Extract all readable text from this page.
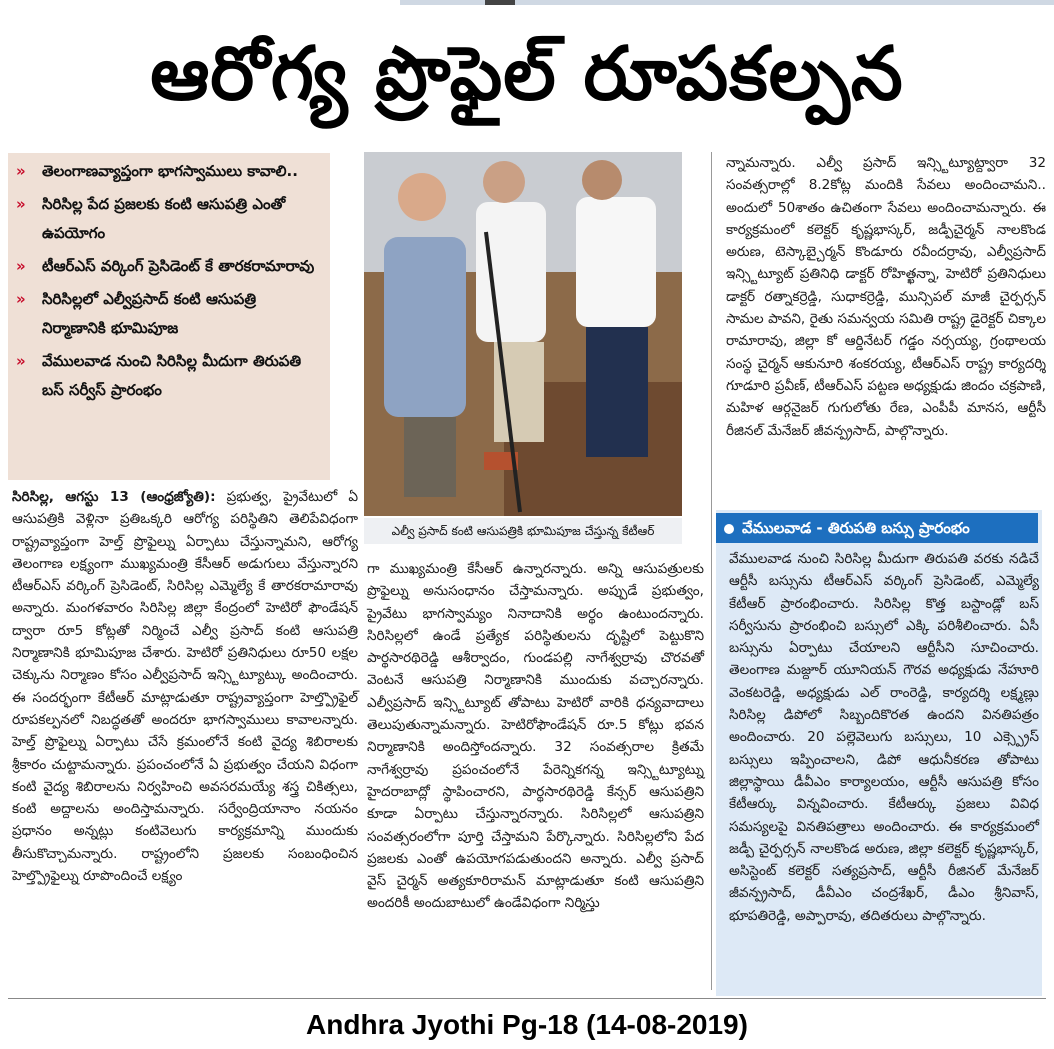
ఆరోగ్య ప్రొఫైల్ రూపకల్పన
»	తెలంగాణవ్యాప్తంగా భాగస్వాములు కావాలి..
»	సిరిసిల్ల పేద ప్రజలకు కంటి ఆసుపత్రి ఎంతో ఉపయోగం
»	టీఆర్ఎస్ వర్కింగ్ ప్రెసిడెంట్ కే తారకరామారావు
»	సిరిసిల్లలో ఎల్వీప్రసాద్ కంటి ఆసుపత్రి నిర్మాణానికి భూమిపూజ
»	వేములవాడ నుంచి సిరిసిల్ల మీదుగా తిరుపతి బస్ సర్వీస్ ప్రారంభం
సిరిసిల్ల, ఆగస్టు 13 (ఆంధ్రజ్యోతి): ప్రభుత్వ, ప్రైవేటులో ఏ ఆసుపత్రికి వెళ్లినా ప్రతిఒక్కరి ఆరోగ్య పరిస్థితిని తెలిపేవిధంగా రాష్ట్రవ్యాప్తంగా హెల్త్ ప్రొఫైల్ను ఏర్పాటు చేస్తున్నామని, ఆరోగ్య తెలంగాణ లక్ష్యంగా ముఖ్యమంత్రి కేసీఆర్ అడుగులు వేస్తున్నారని టీఆర్ఎస్ వర్కింగ్ ప్రెసిడెంట్, సిరిసిల్ల ఎమ్మెల్యే కే తారకరామారావు అన్నారు. మంగళవారం సిరిసిల్ల జిల్లా కేంద్రంలో హెటిరో ఫౌండేషన్ ద్వారా రూ5 కోట్లతో నిర్మించే ఎల్వీ ప్రసాద్ కంటి ఆసుపత్రి నిర్మాణానికి భూమిపూజ చేశారు. హెటిరో ప్రతినిధులు రూ50 లక్షల చెక్కును నిర్మాణం కోసం ఎల్వీప్రసాద్ ఇన్స్టిట్యూట్కు అందించారు. ఈ సందర్భంగా కేటీఆర్ మాట్లాడుతూ రాష్ట్రవ్యాప్తంగా హెల్త్ప్రొఫైల్ రూపకల్పనలో నిబద్ధతతో అందరూ భాగస్వాములు కావాలన్నారు. హెల్త్ ప్రొఫైల్ను ఏర్పాటు చేసే క్రమంలోనే కంటి వైద్య శిబిరాలకు శ్రీకారం చుట్టామన్నారు. ప్రపంచంలోనే ఏ ప్రభుత్వం చేయని విధంగా కంటి వైద్య శిబిరాలను నిర్వహించి అవసరమయ్యే శస్త్ర చికిత్సలు, కంటి అద్దాలను అందిస్తామన్నారు. సర్వేంద్రియానాం నయనం ప్రధానం అన్నట్లు కంటివెలుగు కార్యక్రమాన్ని ముందుకు తీసుకొచ్చామన్నారు. రాష్ట్రంలోని ప్రజలకు సంబంధించిన హెల్త్ప్రొఫైల్ను రూపొందించే లక్ష్యం
ఎల్వీ ప్రసాద్ కంటి ఆసుపత్రికి భూమిపూజ చేస్తున్న కేటీఆర్
గా ముఖ్యమంత్రి కేసీఆర్ ఉన్నారన్నారు. అన్ని ఆసుపత్రులకు ప్రొఫైల్ను అనుసంధానం చేస్తామన్నారు. అప్పుడే ప్రభుత్వం, ప్రైవేటు భాగస్వామ్యం నినాదానికి అర్థం ఉంటుందన్నారు. సిరిసిల్లలో ఉండే ప్రత్యేక పరిస్థితులను దృష్టిలో పెట్టుకొని పార్థసారథిరెడ్డి ఆశీర్వాదం, గుండపల్లి నాగేశ్వర్రావు చొరవతో వెంటనే ఆసుపత్రి నిర్మాణానికి ముందుకు వచ్చారన్నారు. ఎల్వీప్రసాద్ ఇన్స్టిట్యూట్ తోపాటు హెటిరో వారికి ధన్యవాదాలు తెలుపుతున్నామన్నారు. హెటిరోఫౌండేషన్ రూ.5 కోట్లు భవన నిర్మాణానికి అందిస్తోందన్నారు. 32 సంవత్సరాల క్రితమే నాగేశ్వర్రావు ప్రపంచంలోనే పేరెన్నికగన్న ఇన్స్టిట్యూట్ను హైదరాబాద్లో స్థాపించారని, పార్థసారథిరెడ్డి కేన్సర్ ఆసుపత్రిని కూడా ఏర్పాటు చేస్తున్నారన్నారు. సిరిసిల్లలో ఆసుపత్రిని సంవత్సరంలోగా పూర్తి చేస్తామని పేర్కొన్నారు. సిరిసిల్లలోని పేద ప్రజలకు ఎంతో ఉపయోగపడుతుందని అన్నారు. ఎల్వీ ప్రసాద్ వైస్ చైర్మన్ అత్యకూరిరామన్ మాట్లాడుతూ కంటి ఆసుపత్రిని అందరికీ అందుబాటులో ఉండేవిధంగా నిర్మిస్తు
న్నామన్నారు. ఎల్వీ ప్రసాద్ ఇన్స్టిట్యూట్ద్వారా 32 సంవత్సరాల్లో 8.2కోట్ల మందికి సేవలు అందించామని.. అందులో 50శాతం ఉచితంగా సేవలు అందించామన్నారు. ఈ కార్యక్రమంలో కలెక్టర్ కృష్ణభాస్కర్, జడ్పీచైర్మన్ నాలకొండ అరుణ, టెస్కాబ్చైర్మన్ కొండూరు రవీందర్రావు, ఎల్వీప్రసాద్ ఇన్స్టిట్యూట్ ప్రతినిధి డాక్టర్ రోహిత్ఖన్నా, హెటిరో ప్రతినిధులు డాక్టర్ రత్నాకర్రెడ్డి, సుధాకర్రెడ్డి, మున్సిపల్ మాజీ చైర్పర్సన్ సామల పావని, రైతు సమన్వయ సమితి రాష్ట్ర డైరెక్టర్ చిక్కాల రామారావు, జిల్లా కో ఆర్డినేటర్ గడ్డం నర్సయ్య, గ్రంథాలయ సంస్థ చైర్మన్ ఆకునూరి శంకరయ్య, టీఆర్ఎస్ రాష్ట్ర కార్యదర్శి గూడూరి ప్రవీణ్, టీఆర్ఎస్ పట్టణ అధ్యక్షుడు జిందం చక్రపాణి, మహిళ ఆర్గనైజర్ గుగులోతు రేణ, ఎంపీపీ మానస, ఆర్టీసీ రీజినల్ మేనేజర్ జీవన్ప్రసాద్, పాల్గొన్నారు.
వేములవాడ - తిరుపతి బస్సు ప్రారంభం
వేములవాడ నుంచి సిరిసిల్ల మీదుగా తిరుపతి వరకు నడిచే ఆర్టీసీ బస్సును టీఆర్ఎస్ వర్కింగ్ ప్రెసిడెంట్, ఎమ్మెల్యే కేటీఆర్ ప్రారంభించారు. సిరిసిల్ల కొత్త బస్టాండ్లో బస్ సర్వీసును ప్రారంభించి బస్సులో ఎక్కి పరిశీలించారు. ఏసీ బస్సును ఏర్పాటు చేయాలని ఆర్టీసీని సూచించారు. తెలంగాణ మజ్దూర్ యూనియన్ గౌరవ అధ్యక్షుడు నేహూరి వెంకటరెడ్డి, అధ్యక్షుడు ఎల్ రాంరెడ్డి, కార్యదర్శి లక్ష్మణ్లు సిరిసిల్ల డిపోలో సిబ్బందికొరత ఉందని వినతిపత్రం అందించారు. 20 పల్లెవెలుగు బస్సులు, 10 ఎక్స్ప్రెస్ బస్సులు ఇప్పించాలని, డిపో ఆధునీకరణ తోపాటు జిల్లాస్థాయి డీవీఎం కార్యాలయం, ఆర్టీసీ ఆసుపత్రి కోసం కేటీఆర్కు విన్నవించారు. కేటీఆర్కు ప్రజలు వివిధ సమస్యలపై వినతిపత్రాలు అందించారు. ఈ కార్యక్రమంలో జడ్పీ చైర్పర్సన్ నాలకొండ అరుణ, జిల్లా కలెక్టర్ కృష్ణభాస్కర్, అసిస్టెంట్ కలెక్టర్ సత్యప్రసాద్, ఆర్టీసీ రీజినల్ మేనేజర్ జీవన్ప్రసాద్, డీవీఎం చంద్రశేఖర్, డీఎం శ్రీనివాస్, భూపతిరెడ్డి, అప్పారావు, తదితరులు పాల్గొన్నారు.
Andhra Jyothi Pg-18 (14-08-2019)
